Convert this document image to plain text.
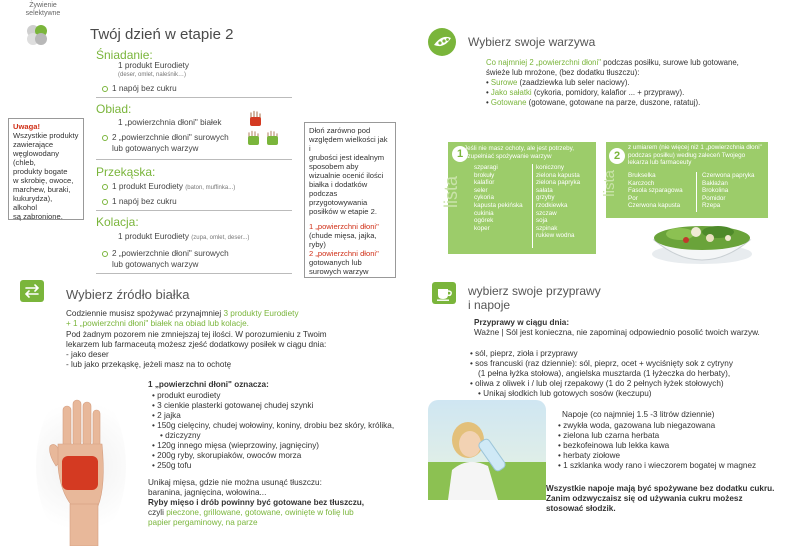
Żywienie
selektywne
Twój dzień w etapie 2
Śniadanie:
1 produkt Eurodiety
(deser, omlet, naleśnik…)
1 napój bez cukru
Obiad:
1 „powierzchnia dłoni" białek
2 „powierzchnie dłoni" surowych
lub gotowanych warzyw
Przekąska:
1 produkt Eurodiety (baton, muffinka...)
1 napój bez cukru
Kolacja:
1 produkt Eurodiety (zupa, omlet, deser...)
2 „powierzchnie dłoni" surowych
lub gotowanych warzyw
Uwaga!
Wszystkie produkty
zawierające
węglowodany
(chleb,
produkty bogate
w skrobię, owoce,
marchew, buraki,
kukurydza),
alkohol
są zabronione.
Dłoń zarówno pod
względem wielkości jak i
grubości jest idealnym
sposobem aby
wizualnie ocenić ilości
białka i dodatków
podczas
przygotowywania
posiłków w etapie 2.
1 „powierzchni dłoni"
(chude mięsa, jajka,
ryby)
2 „powierzchni dłoni"
gotowanych lub
surowych warzyw
Wybierz swoje warzywa
Co najmniej 2 „powierzchni dłoni" podczas posiłku, surowe lub gotowane,
świeże lub mrożone, (bez dodatku tłuszczu):
• Surowe (zaadziewka lub seler naciowy).
• Jako sałatki (cykoria, pomidory, kalafior ... + przyprawy).
• Gotowane (gotowane, gotowane na parze, duszone, ratatuj).
1 Jeśli nie masz ochoty, ale jest potrzeby,
uzupełniać spożywanie warzyw
lista
szparagi
brokuły
kalafior
seler
cykoria
kapusta pekińska
cukinia
ogórek
koper
koniczony
zielona kapusta
zielona papryka
sałata
grzyby
rzodkiewka
szczaw
soja
szpinak
rukiew wodna
2
z umiarem (nie więcej niż 1 „powierzchnia dłoni"
podczas posiłku) według zaleceń Twojego
lekarza lub farmaceuty
lista Brukselka
Karczoch
Fasola szparagowa
Por
Czerwona kapusta
Czerwona papryka
Bakłażan
Brokolina
Pomidor
Rzepa
Wybierz źródło białka
Codziennie musisz spożywać przynajmniej 3 produkty Eurodiety
+ 1 „powierzchni dłoni" białek na obiad lub kolacje.
Pod żadnym pozorem nie zmniejszaj tej ilości. W porozumieniu z Twoim
lekarzem lub farmaceutą możesz zjeść dodatkowy posiłek w ciągu dnia:
- jako deser
- lub jako przekąskę, jeżeli masz na to ochotę
1 „powierzchni dłoni" oznacza:
• produkt eurodiety
• 3 cienkie plasterki gotowanej chudej szynki
• 2 jajka
• 150g cielęciny, chudej wołowiny, koniny, drobiu bez skóry, królika,
• dziczyzny
• 120g innego mięsa (wieprzowiny, jagnięciny)
• 200g ryby, skorupiaków, owoców morza
• 250g tofu
Unikaj mięsa, gdzie nie można usunąć tłuszczu:
baranina, jagnięcina, wołowina...
Ryby mięso i drób powinny być gotowane bez tłuszczu,
czyli pieczone, grillowane, gotowane, owinięte w folię lub
papier pergaminowy, na parze
wybierz swoje przyprawy
i napoje
Przyprawy w ciągu dnia:
Ważne | Sól jest konieczna, nie zapominaj odpowiednio posolić twoich warzyw.
• sól, pieprz, zioła i przyprawy
• sos francuski (raz dziennie): sól, pieprz, ocet + wyciśnięty sok z cytryny
(1 pełna łyżka stołowa), angielska musztarda (1 łyżeczka do herbaty),
• oliwa z oliwek i / lub olej rzepakowy (1 do 2 pełnych łyżek stołowych)
• Unikaj słodkich lub gotowych sosów (keczupu)
Napoje (co najmniej 1.5 -3 litrów dziennie)
• zwykła woda, gazowana lub niegazowana
• zielona lub czarna herbata
• bezkofeinowa lub lekka kawa
• herbaty ziołowe
• 1 szklanka wody rano i wieczorem bogatej w magnez
Wszystkie napoje mają być spożywane bez dodatku cukru.
Zanim odzwyczaisz się od używania cukru możesz
stosować słodzik.
